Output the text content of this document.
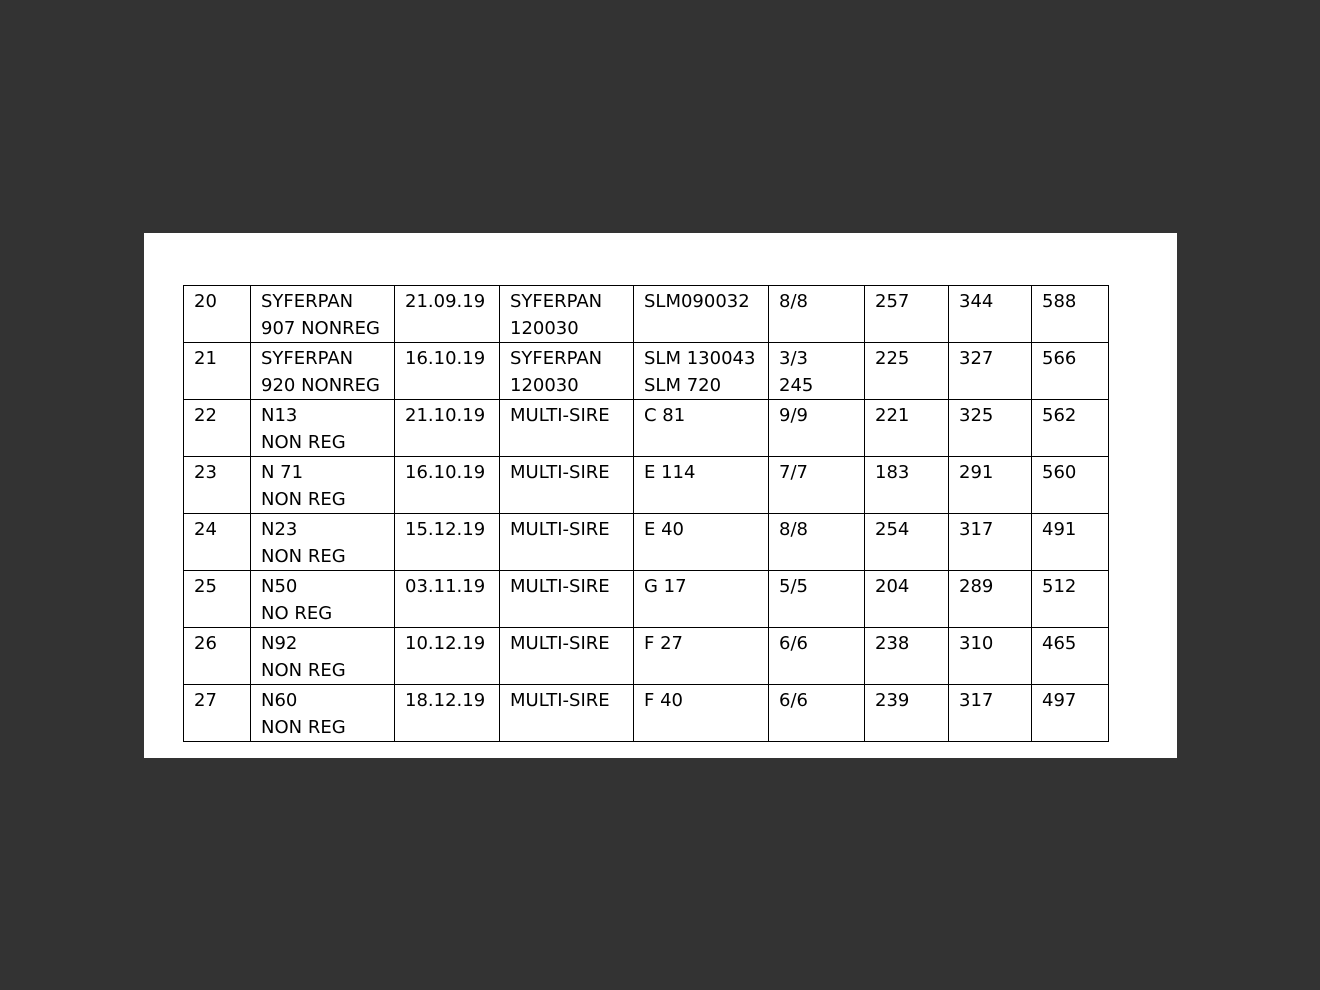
20	SYFERPAN
907 NONREG	21.09.19	SYFERPAN
120030	SLM090032	8/8	257	344	588
21	SYFERPAN
920 NONREG	16.10.19	SYFERPAN
120030	SLM 130043
SLM 720	3/3
245	225	327	566
22	N13
NON REG	21.10.19	MULTI-SIRE	C 81	9/9	221	325	562
23	N 71
NON REG	16.10.19	MULTI-SIRE	E 114	7/7	183	291	560
24	N23
NON REG	15.12.19	MULTI-SIRE	E 40	8/8	254	317	491
25	N50
NO REG	03.11.19	MULTI-SIRE	G 17	5/5	204	289	512
26	N92
NON REG	10.12.19	MULTI-SIRE	F 27	6/6	238	310	465
27	N60
NON REG	18.12.19	MULTI-SIRE	F 40	6/6	239	317	497
